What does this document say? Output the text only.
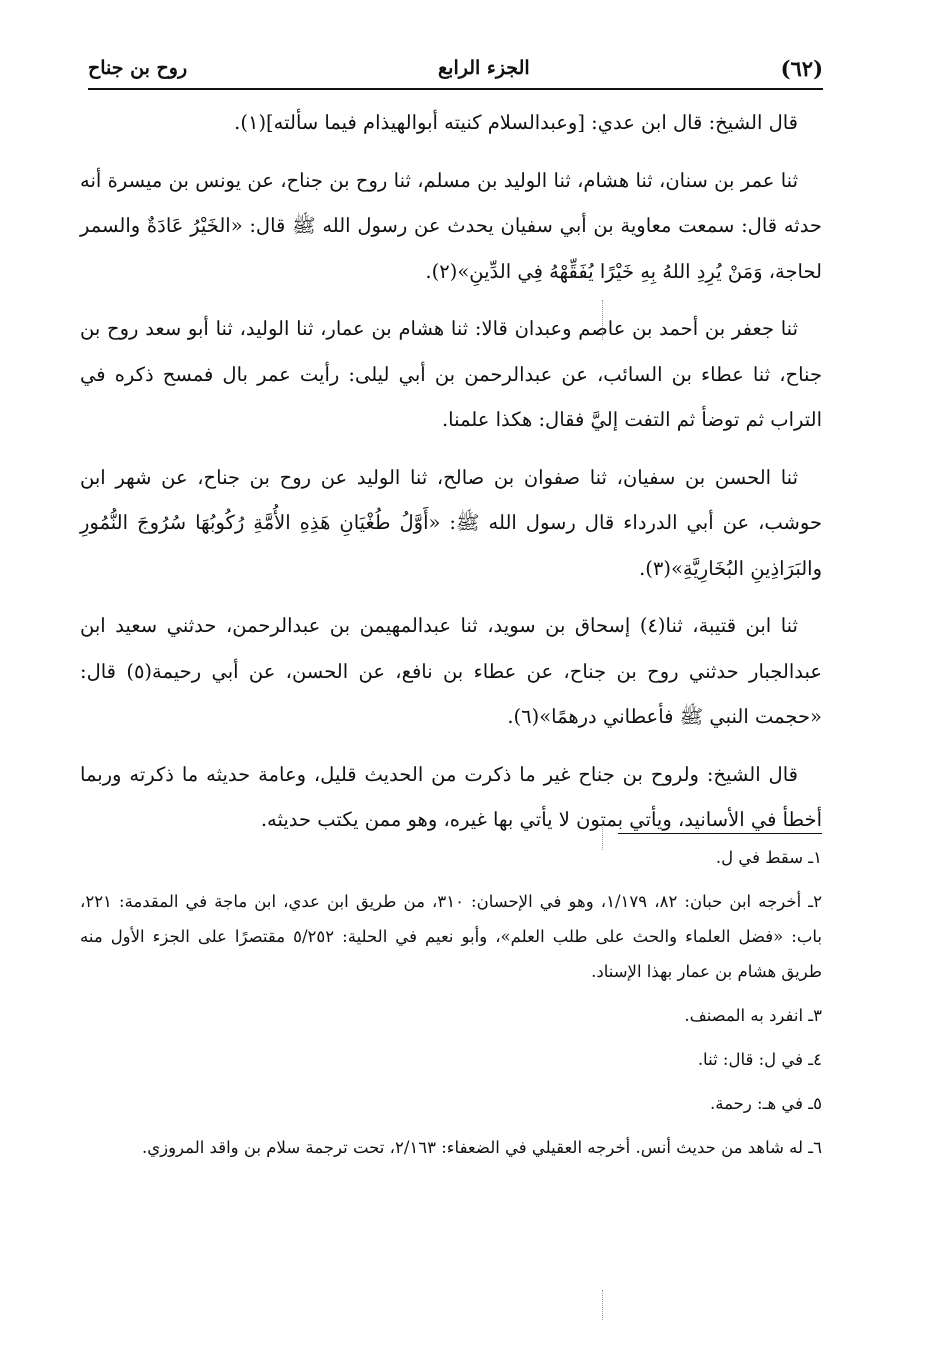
(٦٢)
الجزء الرابع
روح بن جناح

قال الشيخ: قال ابن عدي: [وعبدالسلام كنيته أبوالهيذام فيما سألته](١).

ثنا عمر بن سنان، ثنا هشام، ثنا الوليد بن مسلم، ثنا روح بن جناح، عن يونس بن ميسرة أنه حدثه قال: سمعت معاوية بن أبي سفيان يحدث عن رسول الله ﷺ قال: «الخَيْرُ عَادَةٌ والسمر لحاجة، وَمَنْ يُرِدِ اللهُ بِهِ خَيْرًا يُفَقِّهْهُ فِي الدِّينِ»(٢).

ثنا جعفر بن أحمد بن عاصم وعبدان قالا: ثنا هشام بن عمار، ثنا الوليد، ثنا أبو سعد روح بن جناح، ثنا عطاء بن السائب، عن عبدالرحمن بن أبي ليلى: رأيت عمر بال فمسح ذكره في التراب ثم توضأ ثم التفت إليَّ فقال: هكذا علمنا.

ثنا الحسن بن سفيان، ثنا صفوان بن صالح، ثنا الوليد عن روح بن جناح، عن شهر ابن حوشب، عن أبي الدرداء قال رسول الله ﷺ: «أَوَّلُ طُغْيَانِ هَذِهِ الأُمَّةِ رُكُوبُهَا سُرُوجَ النُّمُورِ والبَرَاذِينِ البُخَارِيَّةِ»(٣).

ثنا ابن قتيبة، ثنا(٤) إسحاق بن سويد، ثنا عبدالمهيمن بن عبدالرحمن، حدثني سعيد ابن عبدالجبار حدثني روح بن جناح، عن عطاء بن نافع، عن الحسن، عن أبي رحيمة(٥) قال: «حجمت النبي ﷺ فأعطاني درهمًا»(٦).

قال الشيخ: ولروح بن جناح غير ما ذكرت من الحديث قليل، وعامة حديثه ما ذكرته وربما أخطأ في الأسانيد، ويأتي بمتون لا يأتي بها غيره، وهو ممن يكتب حديثه.

١ـ سقط في ل.

٢ـ أخرجه ابن حبان: ٨٢، ١/١٧٩، وهو في الإحسان: ٣١٠، من طريق ابن عدي، ابن ماجة في المقدمة: ٢٢١، باب: «فضل العلماء والحث على طلب العلم»، وأبو نعيم في الحلية: ٥/٢٥٢ مقتصرًا على الجزء الأول منه طريق هشام بن عمار بهذا الإسناد.

٣ـ انفرد به المصنف.

٤ـ في ل: قال: ثنا.

٥ـ في هـ: رحمة.

٦ـ له شاهد من حديث أنس. أخرجه العقيلي في الضعفاء: ٢/١٦٣، تحت ترجمة سلام بن واقد المروزي.
